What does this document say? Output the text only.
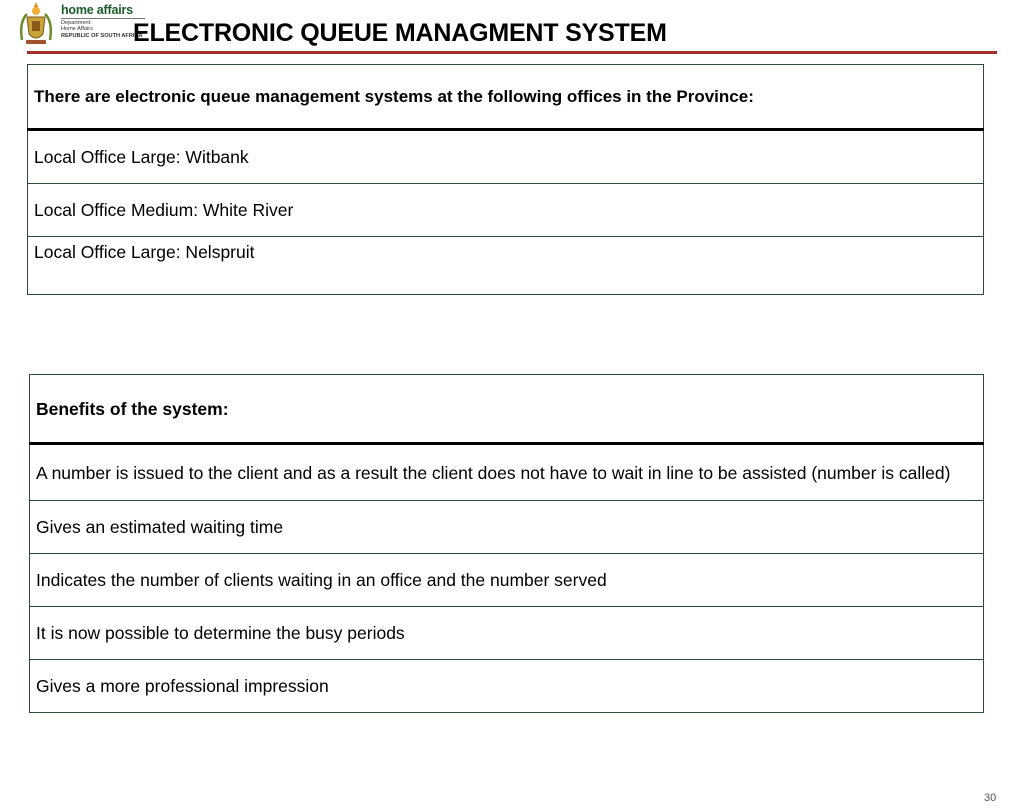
home affairs
Department:
Home Affairs
REPUBLIC OF SOUTH AFRICA
ELECTRONIC QUEUE MANAGMENT SYSTEM
There are electronic queue management systems at the following offices in the Province:
Local Office Large: Witbank
Local Office Medium: White River
Local Office Large: Nelspruit
Benefits of the system:
A number is issued to the client and as a result the client does not have to wait in line to be assisted (number is called)
Gives an estimated waiting time
Indicates the number of clients waiting in an office and the number served
It is now possible to determine the busy periods
Gives a more professional impression
30
